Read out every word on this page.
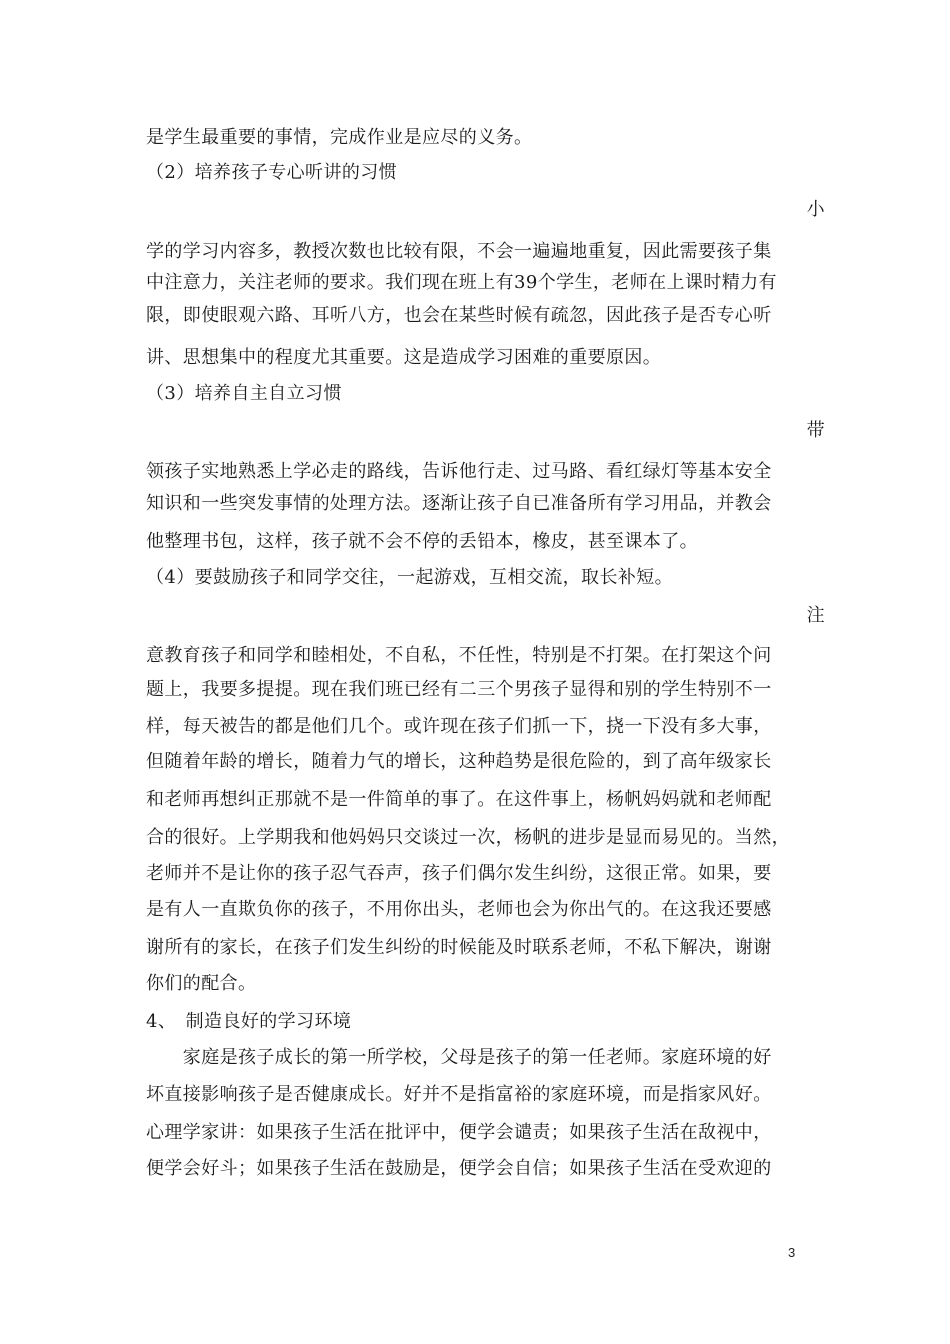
是学生最重要的事情，完成作业是应尽的义务。
（2）培养孩子专心听讲的习惯
小
学的学习内容多，教授次数也比较有限，不会一遍遍地重复，因此需要孩子集
中注意力，关注老师的要求。我们现在班上有39个学生，老师在上课时精力有
限，即使眼观六路、耳听八方，也会在某些时候有疏忽，因此孩子是否专心听
讲、思想集中的程度尤其重要。这是造成学习困难的重要原因。
（3）培养自主自立习惯
带
领孩子实地熟悉上学必走的路线，告诉他行走、过马路、看红绿灯等基本安全
知识和一些突发事情的处理方法。逐渐让孩子自已准备所有学习用品，并教会
他整理书包，这样，孩子就不会不停的丢铅本，橡皮，甚至课本了。
（4）要鼓励孩子和同学交往，一起游戏，互相交流，取长补短。
注
意教育孩子和同学和睦相处，不自私，不任性，特别是不打架。在打架这个问
题上，我要多提提。现在我们班已经有二三个男孩子显得和别的学生特别不一
样，每天被告的都是他们几个。或许现在孩子们抓一下，挠一下没有多大事，
但随着年龄的增长，随着力气的增长，这种趋势是很危险的，到了高年级家长
和老师再想纠正那就不是一件简单的事了。在这件事上，杨帆妈妈就和老师配
合的很好。上学期我和他妈妈只交谈过一次，杨帆的进步是显而易见的。当然，
老师并不是让你的孩子忍气吞声，孩子们偶尔发生纠纷，这很正常。如果，要
是有人一直欺负你的孩子，不用你出头，老师也会为你出气的。在这我还要感
谢所有的家长，在孩子们发生纠纷的时候能及时联系老师，不私下解决，谢谢
你们的配合。
4、　制造良好的学习环境
　　家庭是孩子成长的第一所学校，父母是孩子的第一任老师。家庭环境的好
坏直接影响孩子是否健康成长。好并不是指富裕的家庭环境，而是指家风好。
心理学家讲：如果孩子生活在批评中，便学会谴责；如果孩子生活在敌视中，
便学会好斗；如果孩子生活在鼓励是，便学会自信；如果孩子生活在受欢迎的
3
